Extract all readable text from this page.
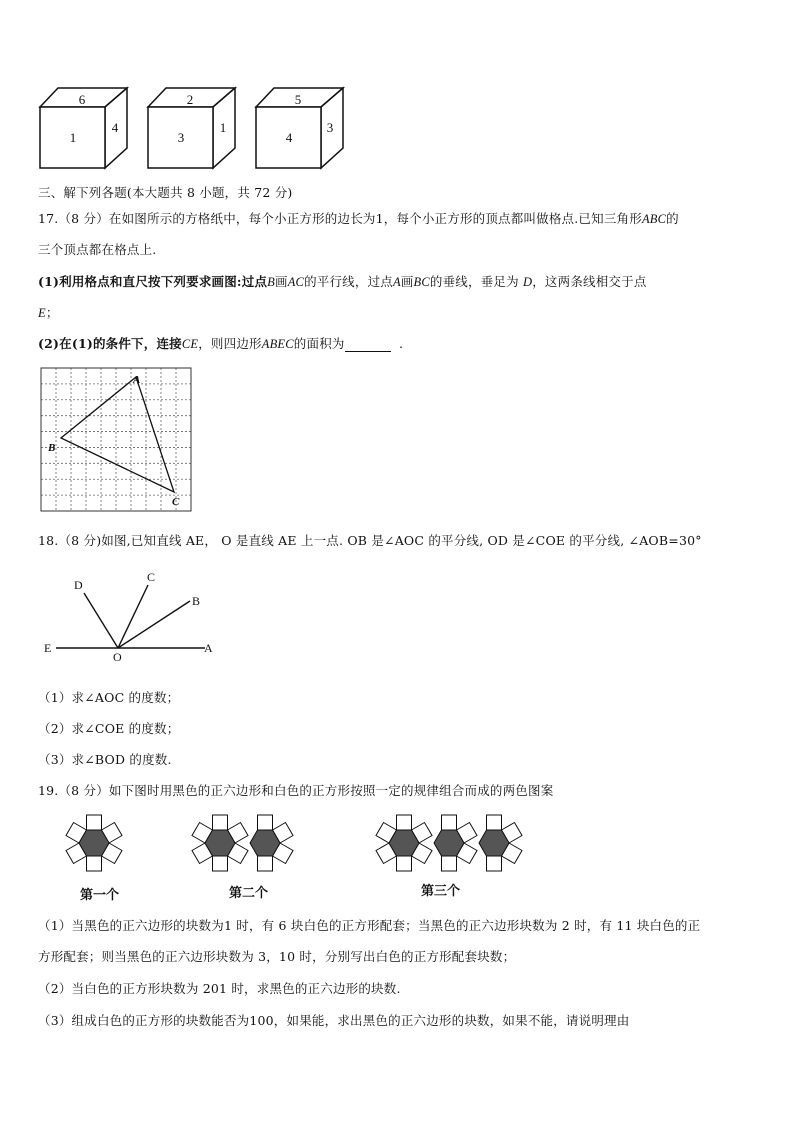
6
1
4
2
3
1
5
4
3
三、解下列各题(本大题共 8 小题，共 72 分)
17.（8 分）在如图所示的方格纸中，每个小正方形的边长为1，每个小正方形的顶点都叫做格点.已知三角形ABC的
三个顶点都在格点上.
(1)利用格点和直尺按下列要求画图:过点B画AC的平行线，过点A画BC的垂线，垂足为 D，这两条线相交于点
E；
(2)在(1)的条件下，连接CE，则四边形ABEC的面积为	.
A
B
C
18.（8 分)如图,已知直线 AE， O 是直线 AE 上一点. OB 是∠AOC 的平分线, OD 是∠COE 的平分线, ∠AOB=30°
D
C
B
E
O
A
（1）求∠AOC 的度数；
（2）求∠COE 的度数；
（3）求∠BOD 的度数.
19.（8 分）如下图时用黑色的正六边形和白色的正方形按照一定的规律组合而成的两色图案
第一个	第二个	第三个
（1）当黑色的正六边形的块数为1 时，有 6 块白色的正方形配套；当黑色的正六边形块数为 2 时，有 11 块白色的正
方形配套；则当黑色的正六边形块数为 3，10 时，分别写出白色的正方形配套块数；
（2）当白色的正方形块数为 201 时，求黑色的正六边形的块数.
（3）组成白色的正方形的块数能否为100，如果能，求出黑色的正六边形的块数，如果不能，请说明理由
